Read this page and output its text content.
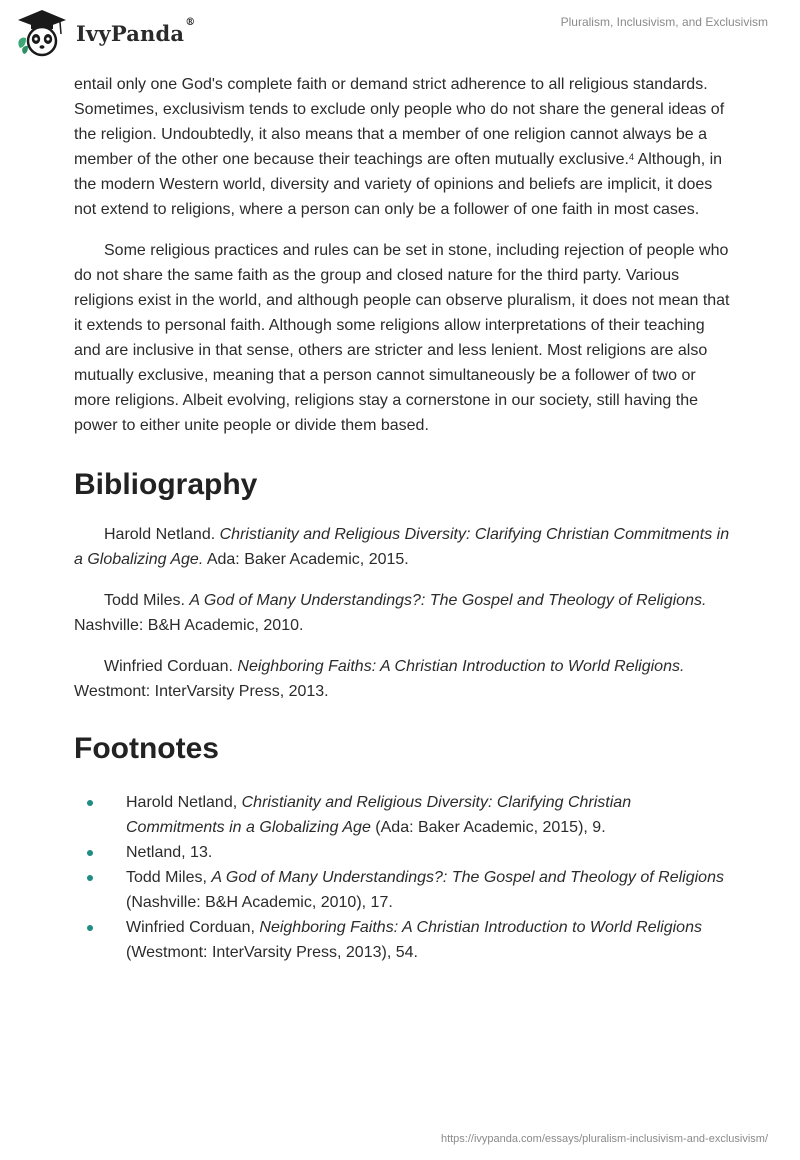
IvyPanda®	Pluralism, Inclusivism, and Exclusivism

entail only one God's complete faith or demand strict adherence to all religious standards. Sometimes, exclusivism tends to exclude only people who do not share the general ideas of the religion. Undoubtedly, it also means that a member of one religion cannot always be a member of the other one because their teachings are often mutually exclusive.$^4$ Although, in the modern Western world, diversity and variety of opinions and beliefs are implicit, it does not extend to religions, where a person can only be a follower of one faith in most cases.

Some religious practices and rules can be set in stone, including rejection of people who do not share the same faith as the group and closed nature for the third party. Various religions exist in the world, and although people can observe pluralism, it does not mean that it extends to personal faith. Although some religions allow interpretations of their teaching and are inclusive in that sense, others are stricter and less lenient. Most religions are also mutually exclusive, meaning that a person cannot simultaneously be a follower of two or more religions. Albeit evolving, religions stay a cornerstone in our society, still having the power to either unite people or divide them based.

Bibliography
Harold Netland. Christianity and Religious Diversity: Clarifying Christian Commitments in a Globalizing Age. Ada: Baker Academic, 2015.
Todd Miles. A God of Many Understandings?: The Gospel and Theology of Religions. Nashville: B&H Academic, 2010.
Winfried Corduan. Neighboring Faiths: A Christian Introduction to World Religions. Westmont: InterVarsity Press, 2013.
Footnotes
Harold Netland, Christianity and Religious Diversity: Clarifying Christian Commitments in a Globalizing Age (Ada: Baker Academic, 2015), 9.
Netland, 13.
Todd Miles, A God of Many Understandings?: The Gospel and Theology of Religions (Nashville: B&H Academic, 2010), 17.
Winfried Corduan, Neighboring Faiths: A Christian Introduction to World Religions (Westmont: InterVarsity Press, 2013), 54.
https://ivypanda.com/essays/pluralism-inclusivism-and-exclusivism/
